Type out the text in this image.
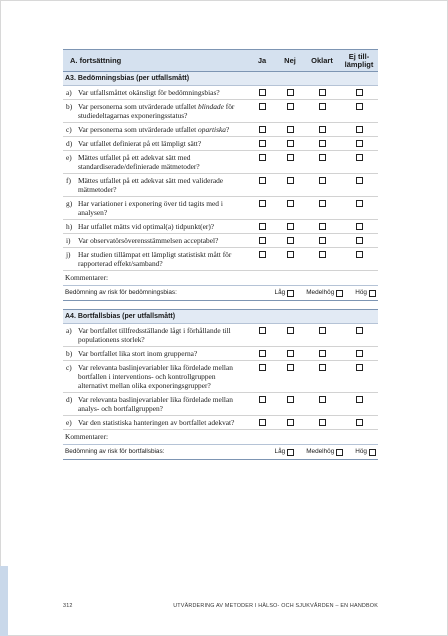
A. fortsättning	Ja	Nej	Oklart	Ej till-
lämpligt
A3. Bedömningsbias (per utfallsmått)
a) Var utfallsmåttet okänsligt för bedömningsbias?
b) Var personerna som utvärderade utfallet blindade för studiedeltagarnas exponeringsstatus?
c) Var personerna som utvärderade utfallet opartiska?
d) Var utfallet definierat på ett lämpligt sätt?
e) Mättes utfallet på ett adekvat sätt med standardiserade/definierade mätmetoder?
f) Mättes utfallet på ett adekvat sätt med validerade mätmetoder?
g) Har variationer i exponering över tid tagits med i analysen?
h) Har utfallet mätts vid optimal(a) tidpunkt(er)?
i)	Var observatörsöverensstämmelsen acceptabel?
j)	Har studien tillämpat ett lämpligt statistiskt mått för rapporterad effekt/samband?
Kommentarer:
Bedömning av risk för bedömningsbias:	Låg	Medelhög	Hög
A4. Bortfallsbias (per utfallsmått)
a) Var bortfallet tillfredsställande lågt i förhållande till populationens storlek?
b) Var bortfallet lika stort inom grupperna?
c) Var relevanta baslinjevariabler lika fördelade mellan bortfallen i interventions- och kontrollgruppen alternativt mellan olika exponeringsgrupper?
d) Var relevanta baslinjevariabler lika fördelade mellan analys- och bortfallgruppen?
e) Var den statistiska hanteringen av bortfallet adekvat?
Kommentarer:
Bedömning av risk för bortfallsbias:	Låg	Medelhög	Hög
312	UTVÄRDERING AV METODER I HÄLSO- OCH SJUKVÅRDEN – EN HANDBOK
